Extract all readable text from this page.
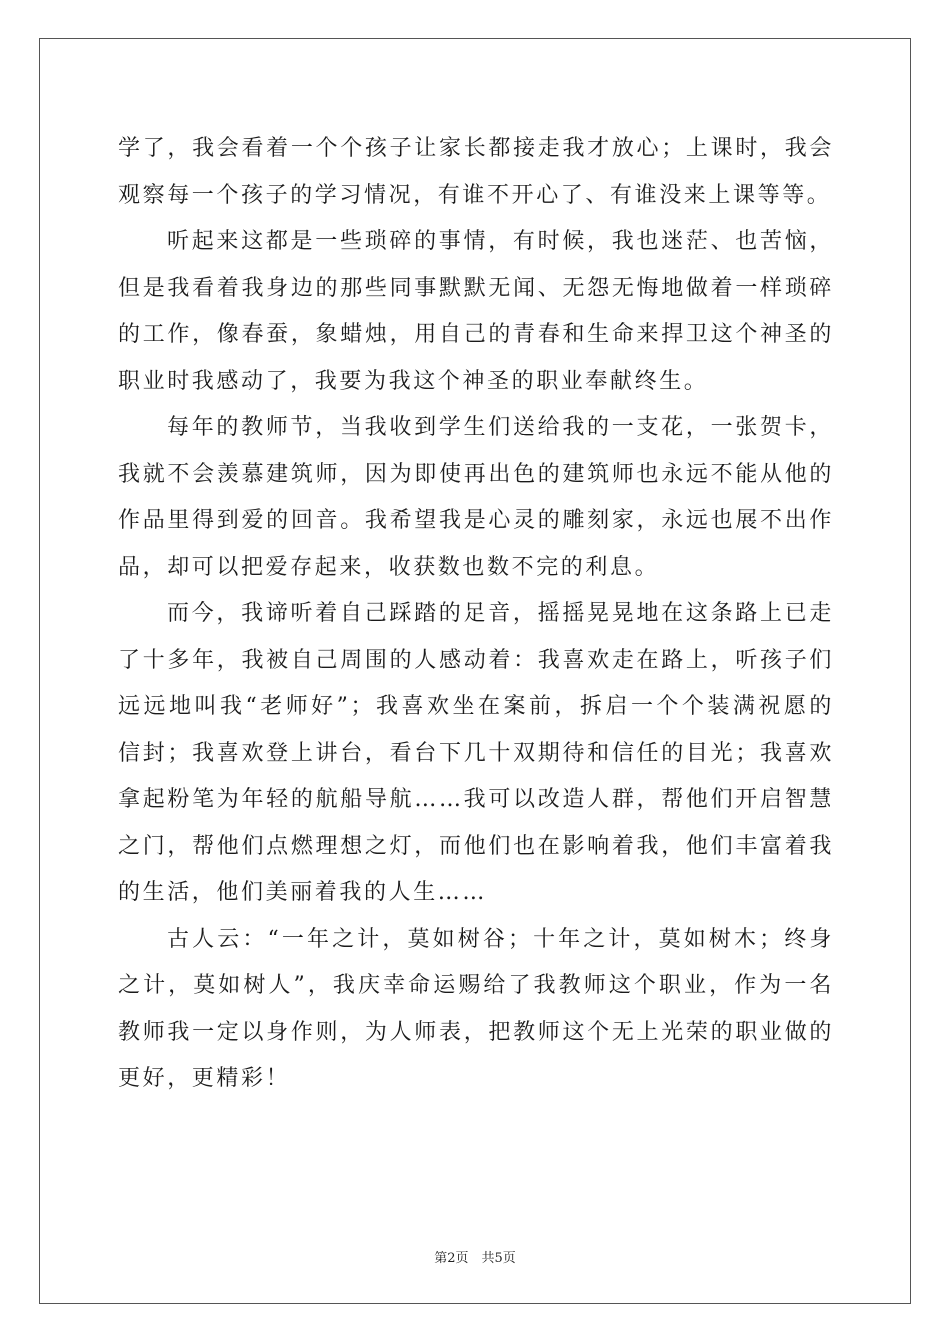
学了，我会看着一个个孩子让家长都接走我才放心；上课时，我会观察每一个孩子的学习情况，有谁不开心了、有谁没来上课等等。

听起来这都是一些琐碎的事情，有时候，我也迷茫、也苦恼，但是我看着我身边的那些同事默默无闻、无怨无悔地做着一样琐碎的工作，像春蚕，象蜡烛，用自己的青春和生命来捍卫这个神圣的职业时我感动了，我要为我这个神圣的职业奉献终生。

每年的教师节，当我收到学生们送给我的一支花，一张贺卡，我就不会羡慕建筑师，因为即使再出色的建筑师也永远不能从他的作品里得到爱的回音。我希望我是心灵的雕刻家，永远也展不出作品，却可以把爱存起来，收获数也数不完的利息。

而今，我谛听着自己踩踏的足音，摇摇晃晃地在这条路上已走了十多年，我被自己周围的人感动着：我喜欢走在路上，听孩子们远远地叫我“老师好”；我喜欢坐在案前，拆启一个个装满祝愿的信封；我喜欢登上讲台，看台下几十双期待和信任的目光；我喜欢拿起粉笔为年轻的航船导航……我可以改造人群，帮他们开启智慧之门，帮他们点燃理想之灯，而他们也在影响着我，他们丰富着我的生活，他们美丽着我的人生……

古人云：“一年之计，莫如树谷；十年之计，莫如树木；终身之计，莫如树人”，我庆幸命运赐给了我教师这个职业，作为一名教师我一定以身作则，为人师表，把教师这个无上光荣的职业做的更好，更精彩！

第2页　共5页
